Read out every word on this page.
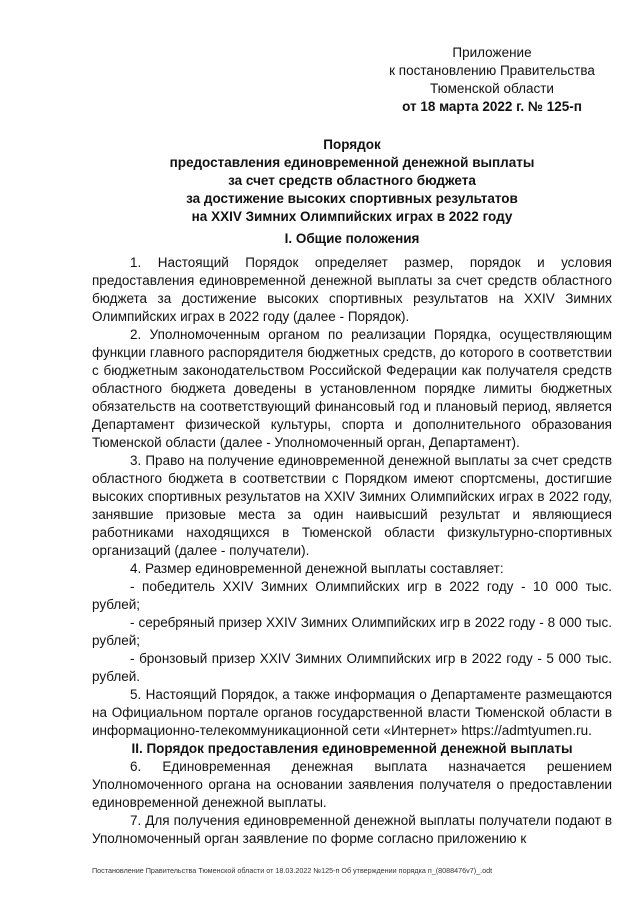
Приложение
к постановлению Правительства
Тюменской области
от 18 марта 2022 г. № 125-п
Порядок
предоставления единовременной денежной выплаты
за счет средств областного бюджета
за достижение высоких спортивных результатов
на XXIV Зимних Олимпийских играх в 2022 году
I. Общие положения

1. Настоящий Порядок определяет размер, порядок и условия предоставления единовременной денежной выплаты за счет средств областного бюджета за достижение высоких спортивных результатов на XXIV Зимних Олимпийских играх в 2022 году (далее - Порядок).

2. Уполномоченным органом по реализации Порядка, осуществляющим функции главного распорядителя бюджетных средств, до которого в соответствии с бюджетным законодательством Российской Федерации как получателя средств областного бюджета доведены в установленном порядке лимиты бюджетных обязательств на соответствующий финансовый год и плановый период, является Департамент физической культуры, спорта и дополнительного образования Тюменской области (далее - Уполномоченный орган, Департамент).

3. Право на получение единовременной денежной выплаты за счет средств областного бюджета в соответствии с Порядком имеют спортсмены, достигшие высоких спортивных результатов на XXIV Зимних Олимпийских играх в 2022 году, занявшие призовые места за один наивысший результат и являющиеся работниками находящихся в Тюменской области физкультурно-спортивных организаций (далее - получатели).

4. Размер единовременной денежной выплаты составляет:

- победитель XXIV Зимних Олимпийских игр в 2022 году - 10 000 тыс. рублей;

- серебряный призер XXIV Зимних Олимпийских игр в 2022 году - 8 000 тыс. рублей;

- бронзовый призер XXIV Зимних Олимпийских игр в 2022 году - 5 000 тыс. рублей.

5. Настоящий Порядок, а также информация о Департаменте размещаются на Официальном портале органов государственной власти Тюменской области в информационно-телекоммуникационной сети «Интернет» https://admtyumen.ru.

II. Порядок предоставления единовременной денежной выплаты

6. Единовременная денежная выплата назначается решением Уполномоченного органа на основании заявления получателя о предоставлении единовременной денежной выплаты.

7. Для получения единовременной денежной выплаты получатели подают в Уполномоченный орган заявление по форме согласно приложению к

Постановление Правительства Тюменской области от 18.03.2022 №125-п Об утверждении порядка п_(8088476v7)_.odt
